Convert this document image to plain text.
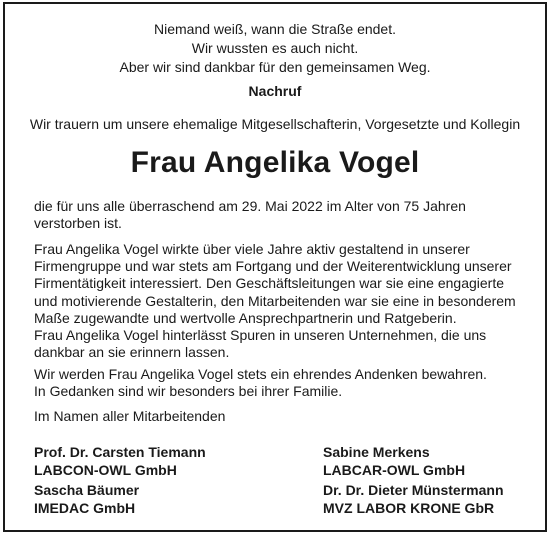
Niemand weiß, wann die Straße endet.
Wir wussten es auch nicht.
Aber wir sind dankbar für den gemeinsamen Weg.
Nachruf
Wir trauern um unsere ehemalige Mitgesellschafterin, Vorgesetzte und Kollegin
Frau Angelika Vogel
die für uns alle überraschend am 29. Mai 2022 im Alter von 75 Jahren
verstorben ist.
Frau Angelika Vogel wirkte über viele Jahre aktiv gestaltend in unserer
Firmengruppe und war stets am Fortgang und der Weiterentwicklung unserer
Firmentätigkeit interessiert. Den Geschäftsleitungen war sie eine engagierte
und motivierende Gestalterin, den Mitarbeitenden war sie eine in besonderem
Maße zugewandte und wertvolle Ansprechpartnerin und Ratgeberin.
Frau Angelika Vogel hinterlässt Spuren in unseren Unternehmen, die uns
dankbar an sie erinnern lassen.
Wir werden Frau Angelika Vogel stets ein ehrendes Andenken bewahren.
In Gedanken sind wir besonders bei ihrer Familie.
Im Namen aller Mitarbeitenden
Prof. Dr. Carsten Tiemann
LABCON-OWL GmbH
Sabine Merkens
LABCAR-OWL GmbH
Sascha Bäumer
IMEDAC GmbH
Dr. Dr. Dieter Münstermann
MVZ LABOR KRONE GbR
